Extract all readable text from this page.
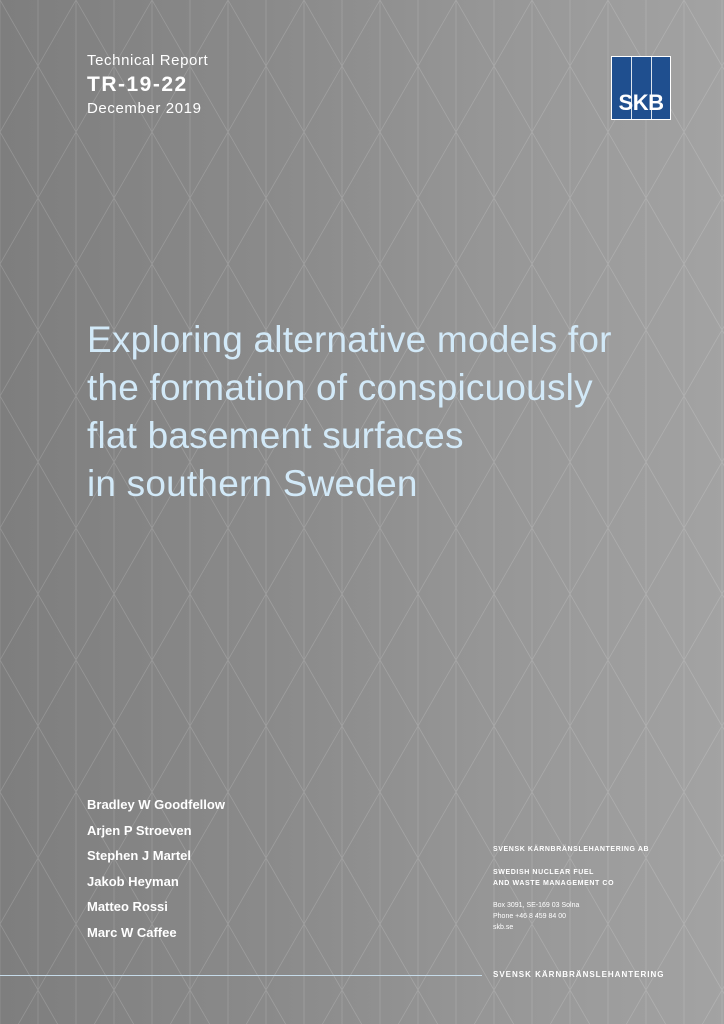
Technical Report
TR-19-22
December 2019	SKB
Exploring alternative models for
the formation of conspicuously
flat basement surfaces
in southern Sweden
Bradley W Goodfellow
Arjen P Stroeven
Stephen J Martel
Jakob Heyman
Matteo Rossi
Marc W Caffee
SVENSK KÄRNBRÄNSLEHANTERING AB
SWEDISH NUCLEAR FUEL
AND WASTE MANAGEMENT CO
Box 3091, SE-169 03 Solna
Phone +46 8 459 84 00
skb.se
SVENSK KÄRNBRÄNSLEHANTERING
